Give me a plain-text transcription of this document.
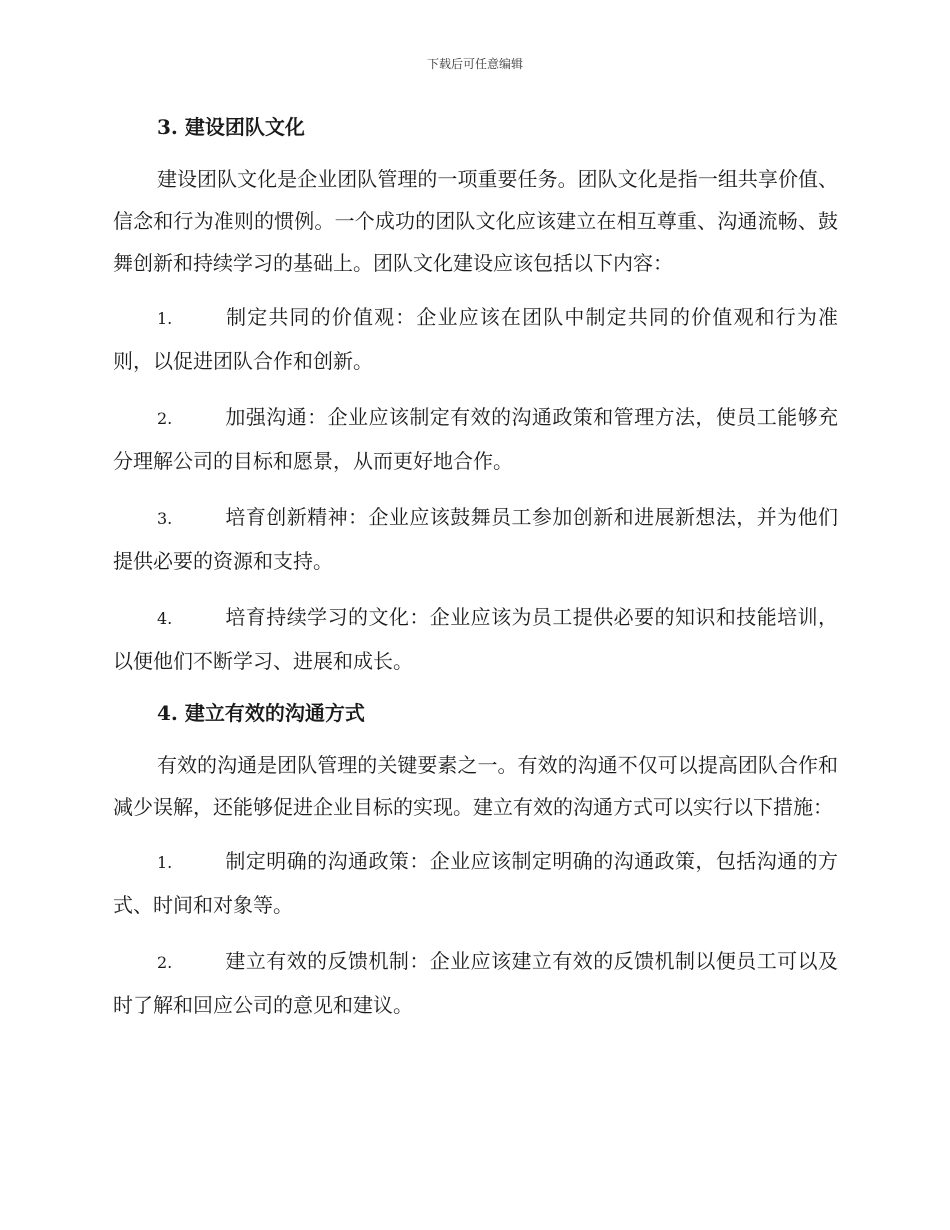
下载后可任意编辑
3. 建设团队文化

建设团队文化是企业团队管理的一项重要任务。团队文化是指一组共享价值、信念和行为准则的惯例。一个成功的团队文化应该建立在相互尊重、沟通流畅、鼓舞创新和持续学习的基础上。团队文化建设应该包括以下内容：

1.	制定共同的价值观：企业应该在团队中制定共同的价值观和行为准则，以促进团队合作和创新。
2.	加强沟通：企业应该制定有效的沟通政策和管理方法，使员工能够充分理解公司的目标和愿景，从而更好地合作。
3.	培育创新精神：企业应该鼓舞员工参加创新和进展新想法，并为他们提供必要的资源和支持。
4.	培育持续学习的文化：企业应该为员工提供必要的知识和技能培训，以便他们不断学习、进展和成长。
4. 建立有效的沟通方式

有效的沟通是团队管理的关键要素之一。有效的沟通不仅可以提高团队合作和减少误解，还能够促进企业目标的实现。建立有效的沟通方式可以实行以下措施：

1.	制定明确的沟通政策：企业应该制定明确的沟通政策，包括沟通的方式、时间和对象等。
2.	建立有效的反馈机制：企业应该建立有效的反馈机制以便员工可以及时了解和回应公司的意见和建议。
